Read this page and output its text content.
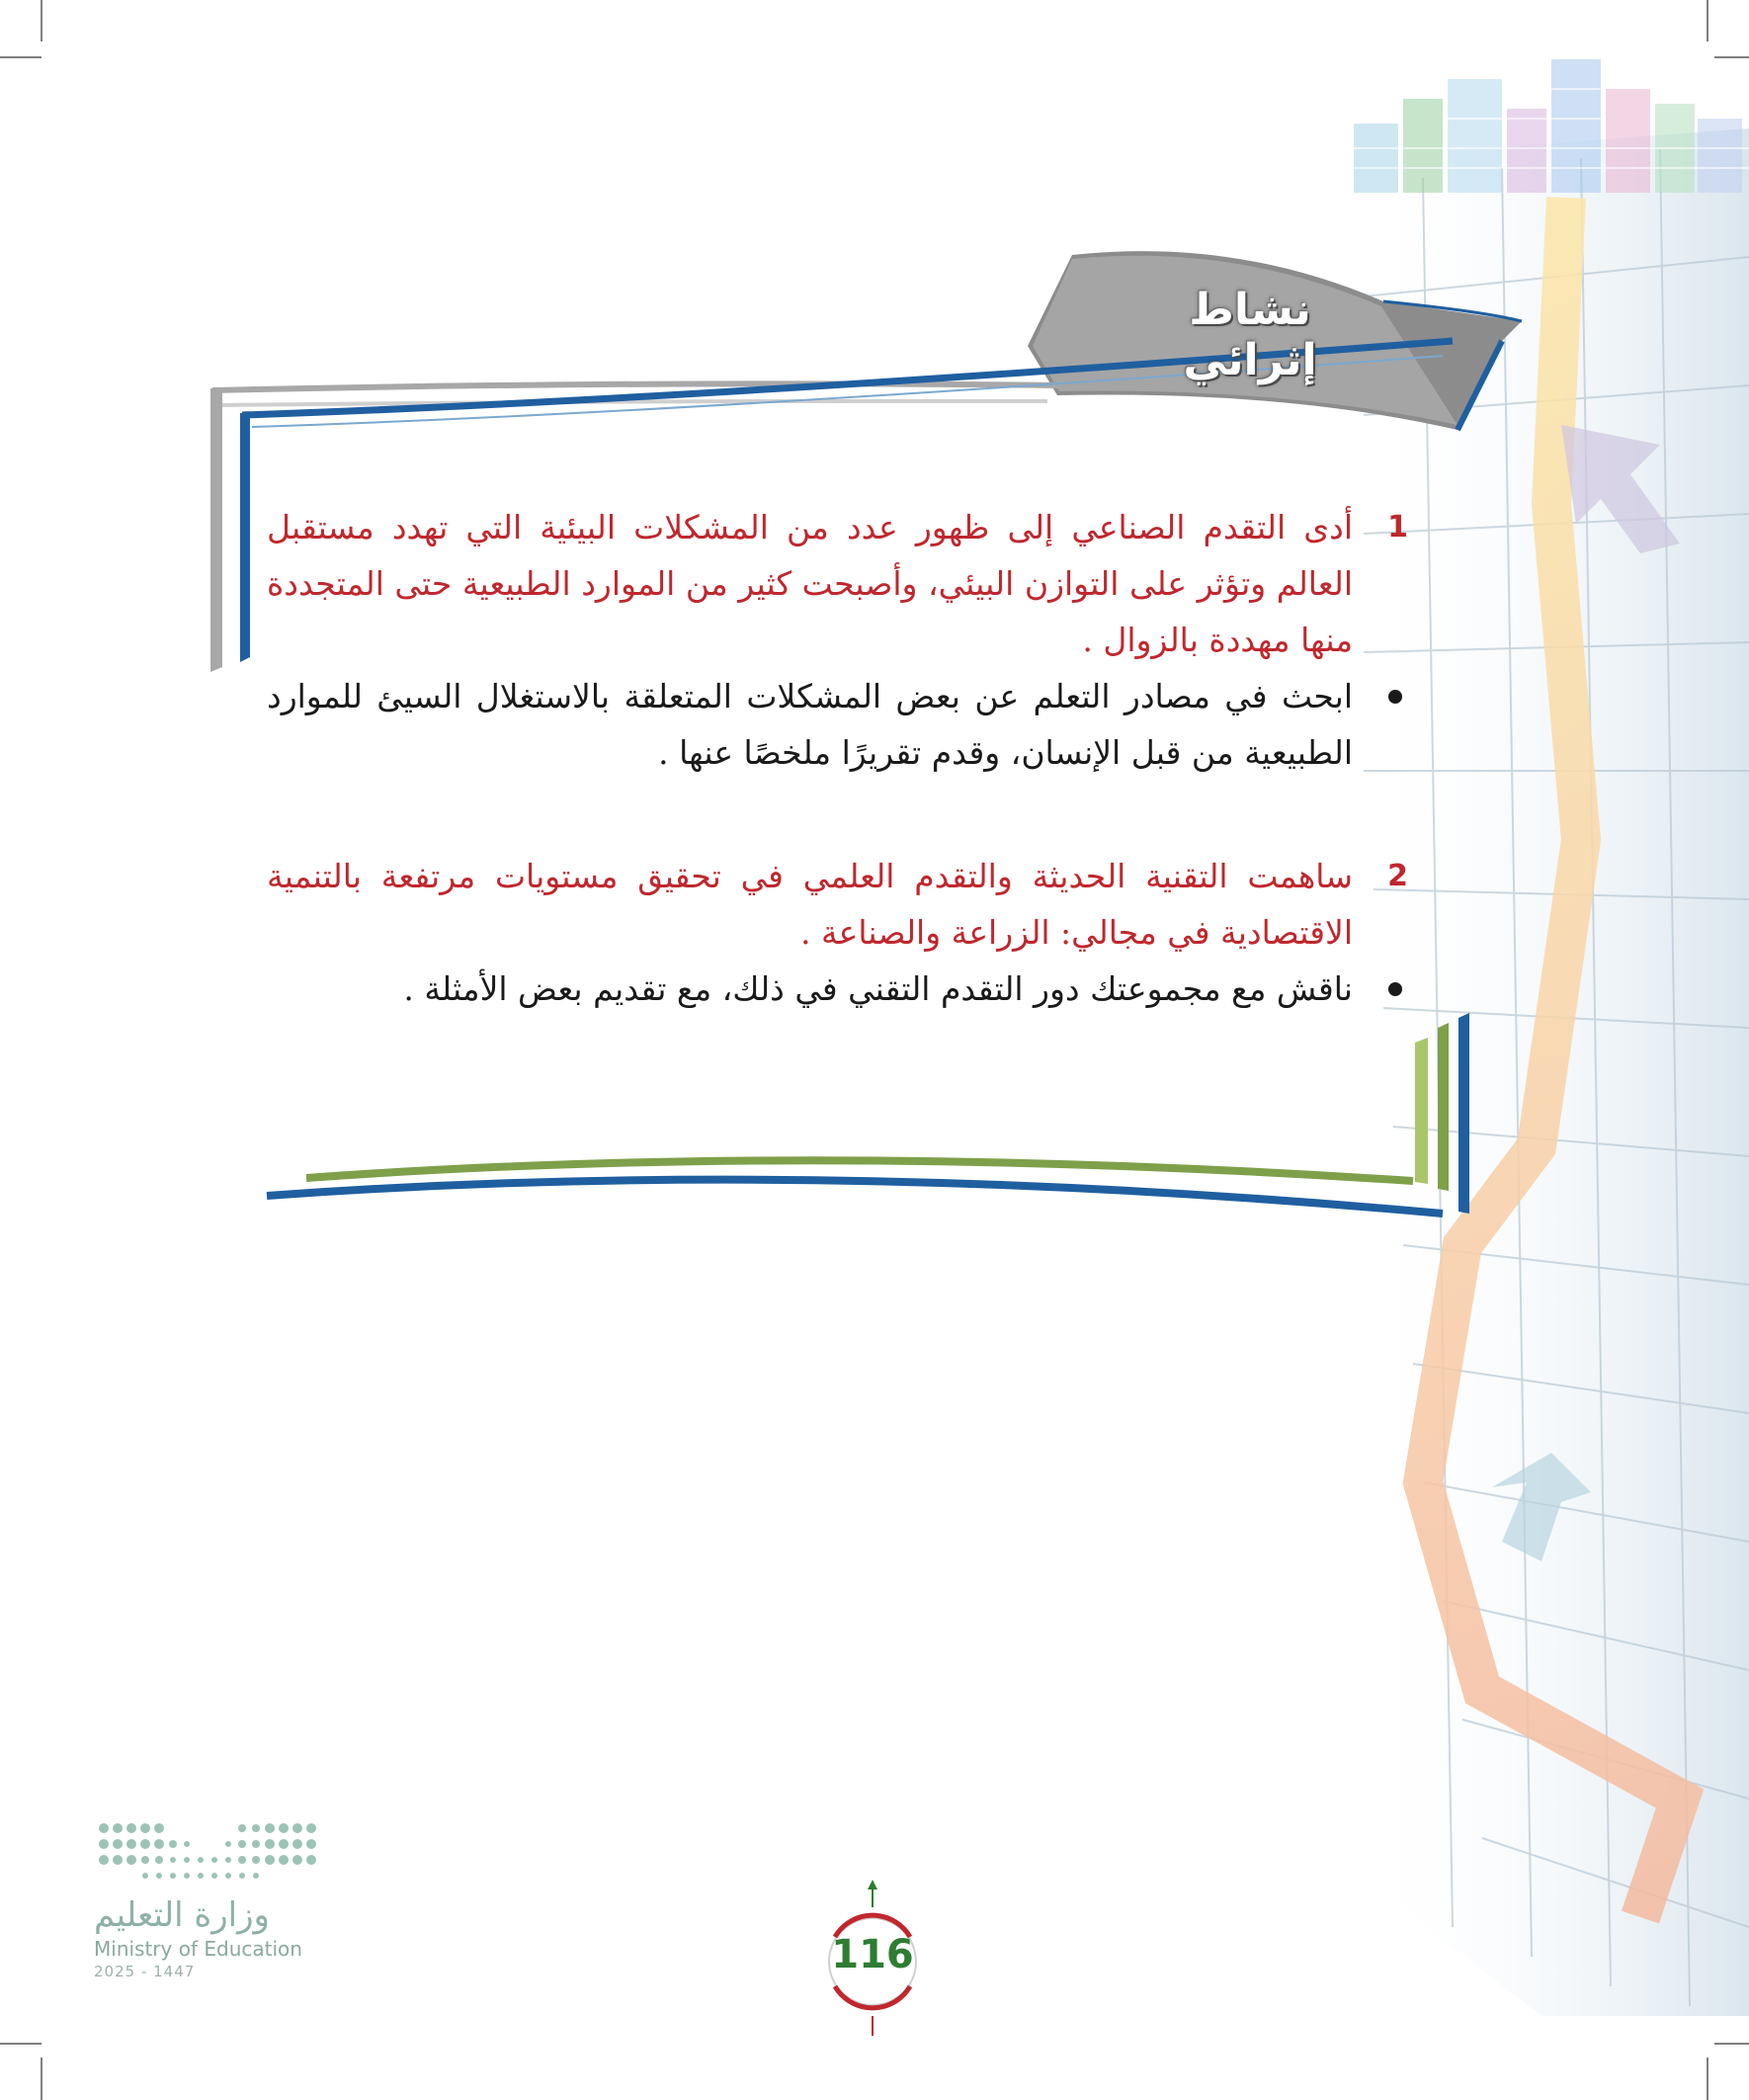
نشاط إثرائي
1
أدى التقدم الصناعي إلى ظهور عدد من المشكلات البيئية التي تهدد مستقبل العالم وتؤثر على التوازن البيئي، وأصبحت كثير من الموارد الطبيعية حتى المتجددة منها مهددة بالزوال .
ابحث في مصادر التعلم عن بعض المشكلات المتعلقة بالاستغلال السيئ للموارد الطبيعية من قبل الإنسان، وقدم تقريرًا ملخصًا عنها .
2
ساهمت التقنية الحديثة والتقدم العلمي في تحقيق مستويات مرتفعة بالتنمية الاقتصادية في مجالي: الزراعة والصناعة .
ناقش مع مجموعتك دور التقدم التقني في ذلك، مع تقديم بعض الأمثلة .
116
وزارة التعليم
Ministry of Education
2025 - 1447
